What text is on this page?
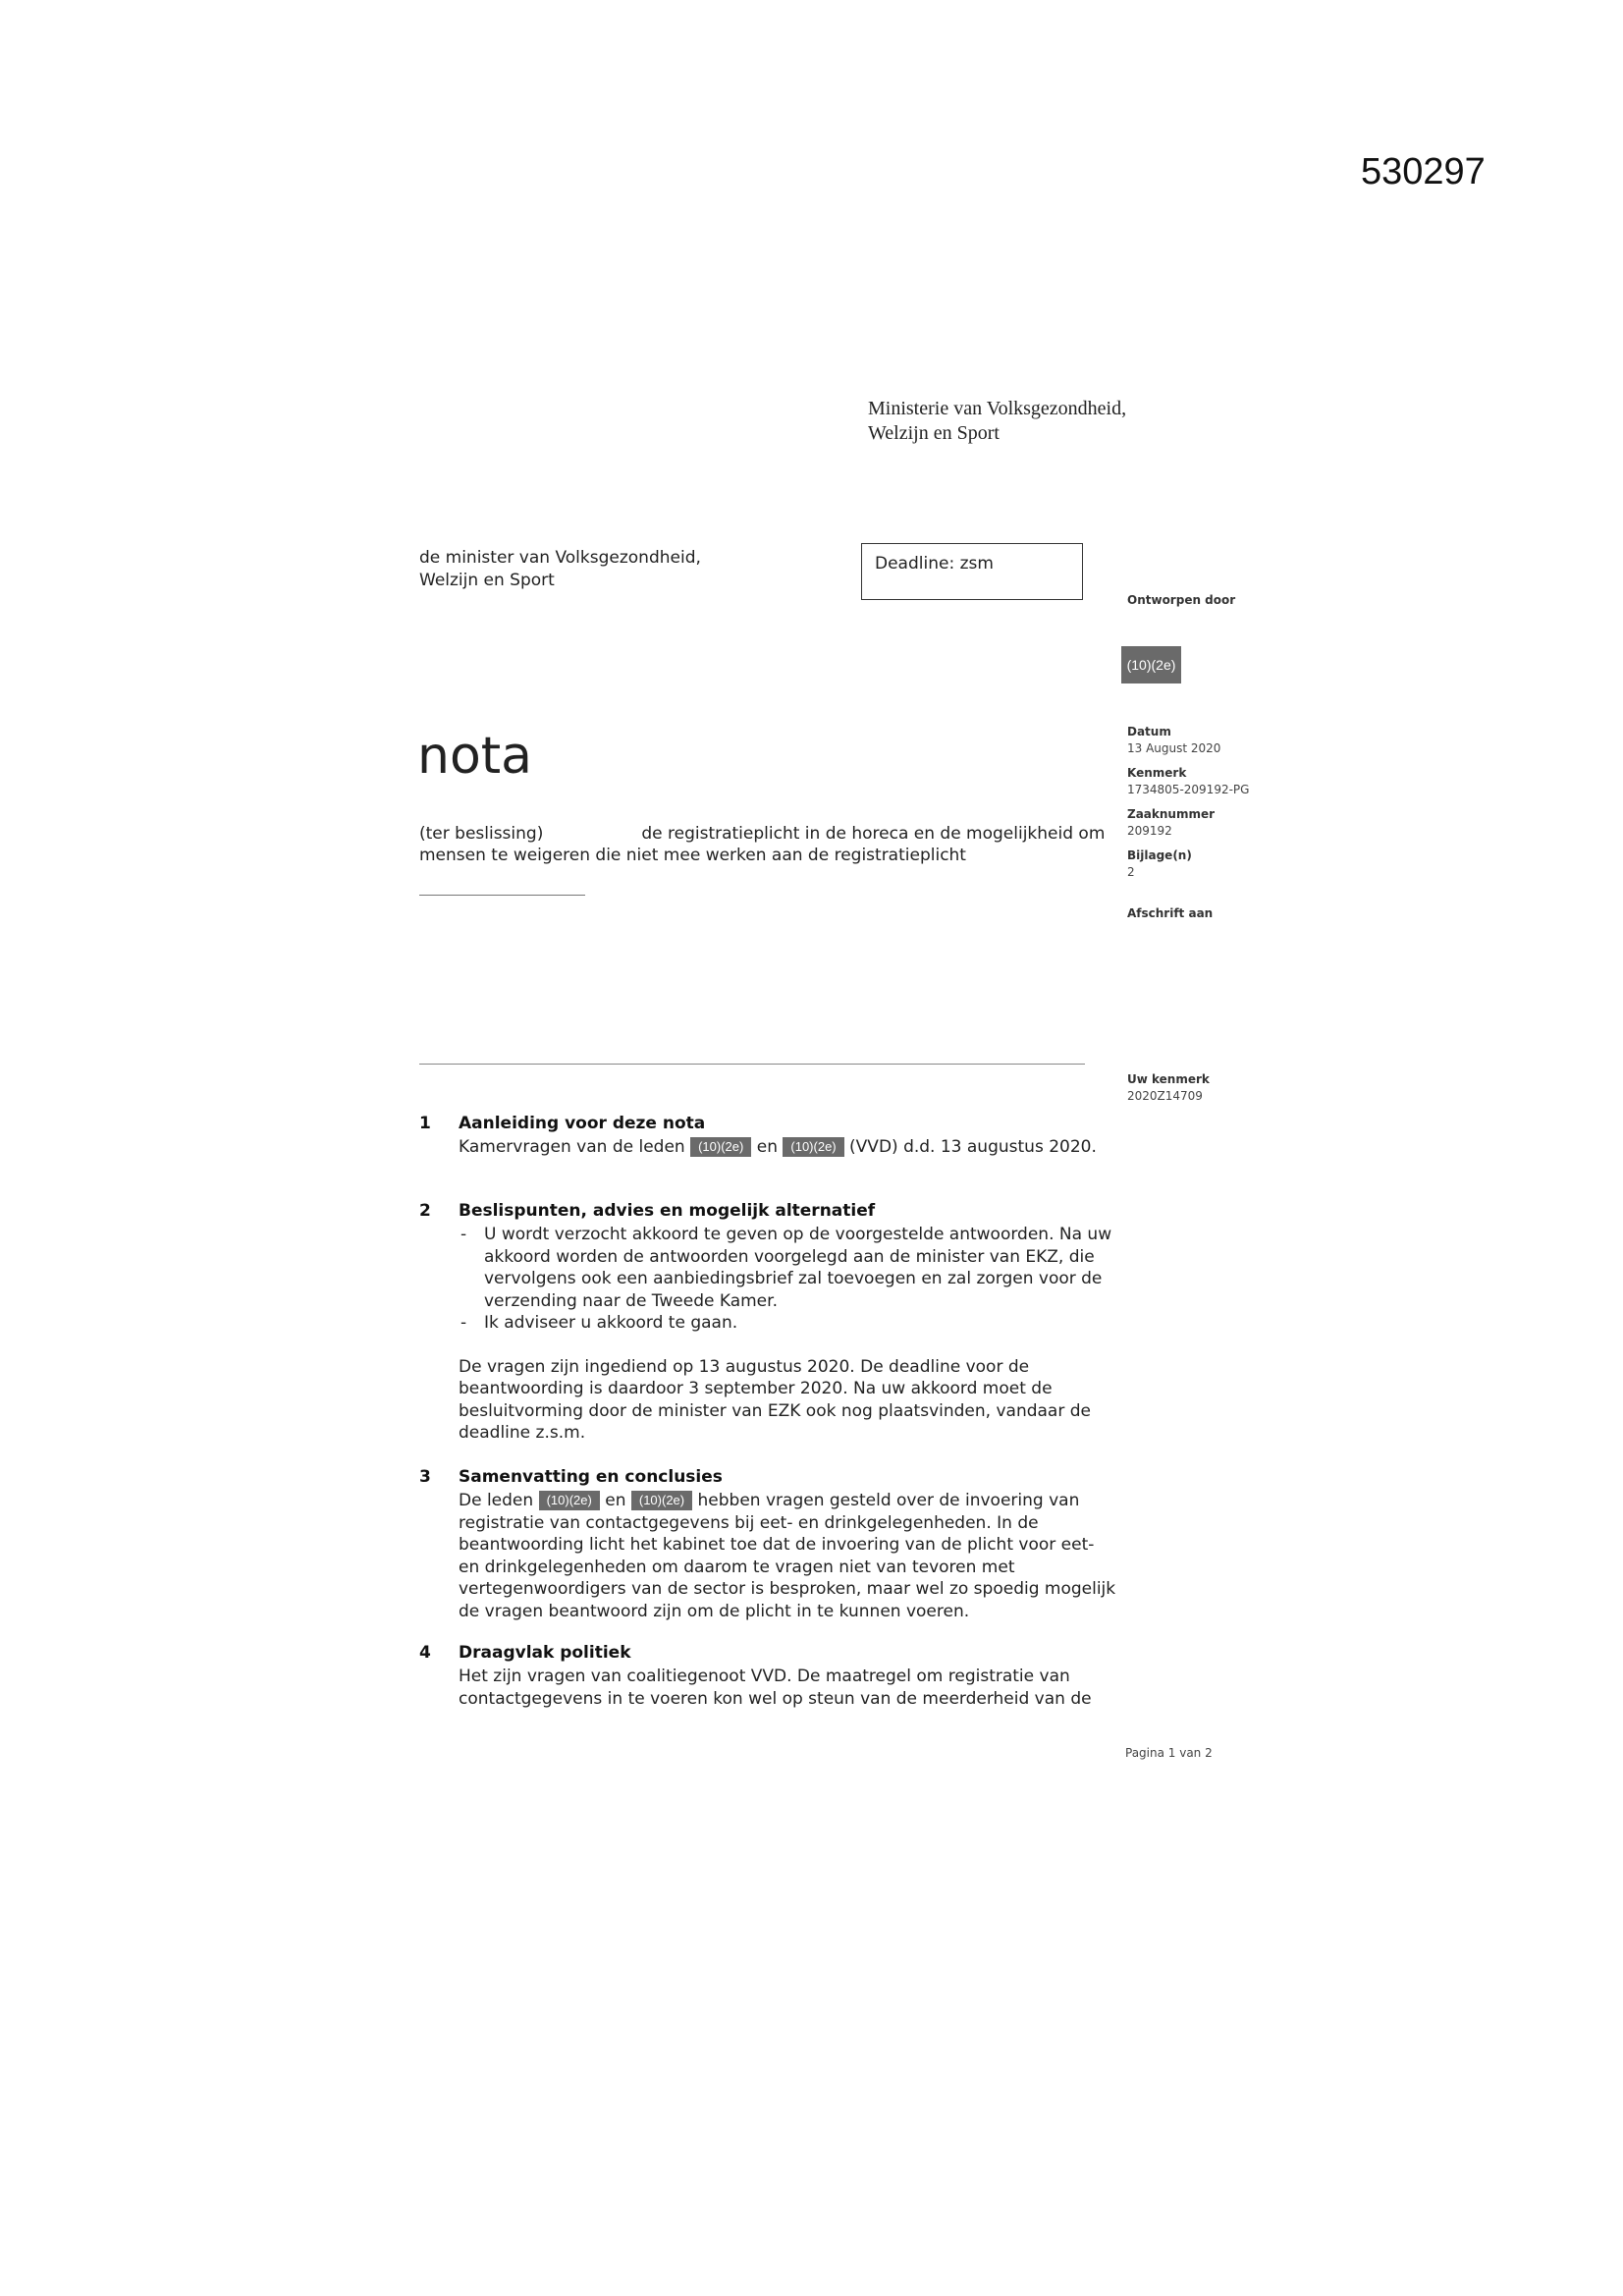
530297
Ministerie van Volksgezondheid,
Welzijn en Sport
de minister van Volksgezondheid,
Welzijn en Sport
Deadline: zsm
Ontworpen door
(10)(2e)
Datum
13 August 2020
Kenmerk
1734805-209192-PG
Zaaknummer
209192
Bijlage(n)
2
Afschrift aan
Uw kenmerk
2020Z14709
nota
(ter beslissing)	de registratieplicht in de horeca en de mogelijkheid om mensen te weigeren die niet mee werken aan de registratieplicht
1 Aanleiding voor deze nota
Kamervragen van de leden (10)(2e) en (10)(2e) (VVD) d.d. 13 augustus 2020.
2 Beslispunten, advies en mogelijk alternatief
- U wordt verzocht akkoord te geven op de voorgestelde antwoorden. Na uw akkoord worden de antwoorden voorgelegd aan de minister van EKZ, die vervolgens ook een aanbiedingsbrief zal toevoegen en zal zorgen voor de verzending naar de Tweede Kamer.
- Ik adviseer u akkoord te gaan.

De vragen zijn ingediend op 13 augustus 2020. De deadline voor de beantwoording is daardoor 3 september 2020. Na uw akkoord moet de besluitvorming door de minister van EZK ook nog plaatsvinden, vandaar de deadline z.s.m.

3 Samenvatting en conclusies
De leden (10)(2e) en (10)(2e) hebben vragen gesteld over de invoering van registratie van contactgegevens bij eet- en drinkgelegenheden. In de beantwoording licht het kabinet toe dat de invoering van de plicht voor eet- en drinkgelegenheden om daarom te vragen niet van tevoren met vertegenwoordigers van de sector is besproken, maar wel zo spoedig mogelijk de vragen beantwoord zijn om de plicht in te kunnen voeren.
4 Draagvlak politiek
Het zijn vragen van coalitiegenoot VVD. De maatregel om registratie van contactgegevens in te voeren kon wel op steun van de meerderheid van de
Pagina 1 van 2
